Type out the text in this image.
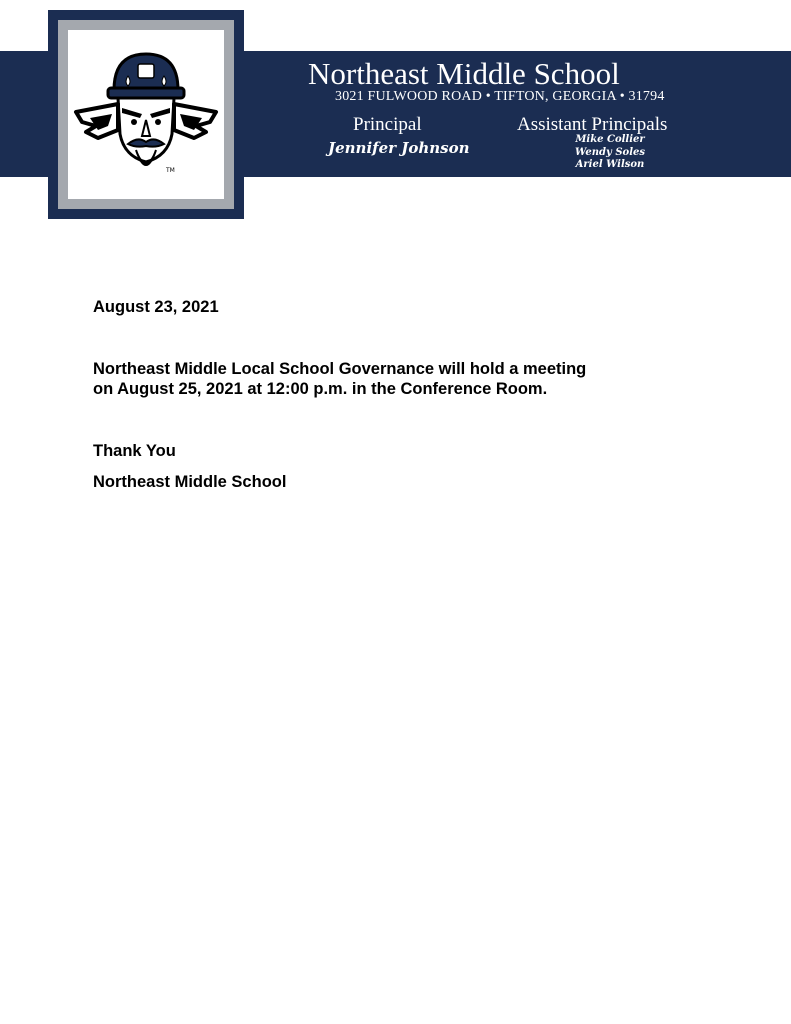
TM
Northeast Middle School
3021 FULWOOD ROAD • TIFTON, GEORGIA • 31794
Principal
Jennifer Johnson
Assistant Principals
Mike Collier
Wendy Soles
Ariel Wilson
August 23, 2021
Northeast Middle Local School Governance will hold a meeting
on August 25, 2021 at 12:00 p.m. in the Conference Room.
Thank You
Northeast Middle School
